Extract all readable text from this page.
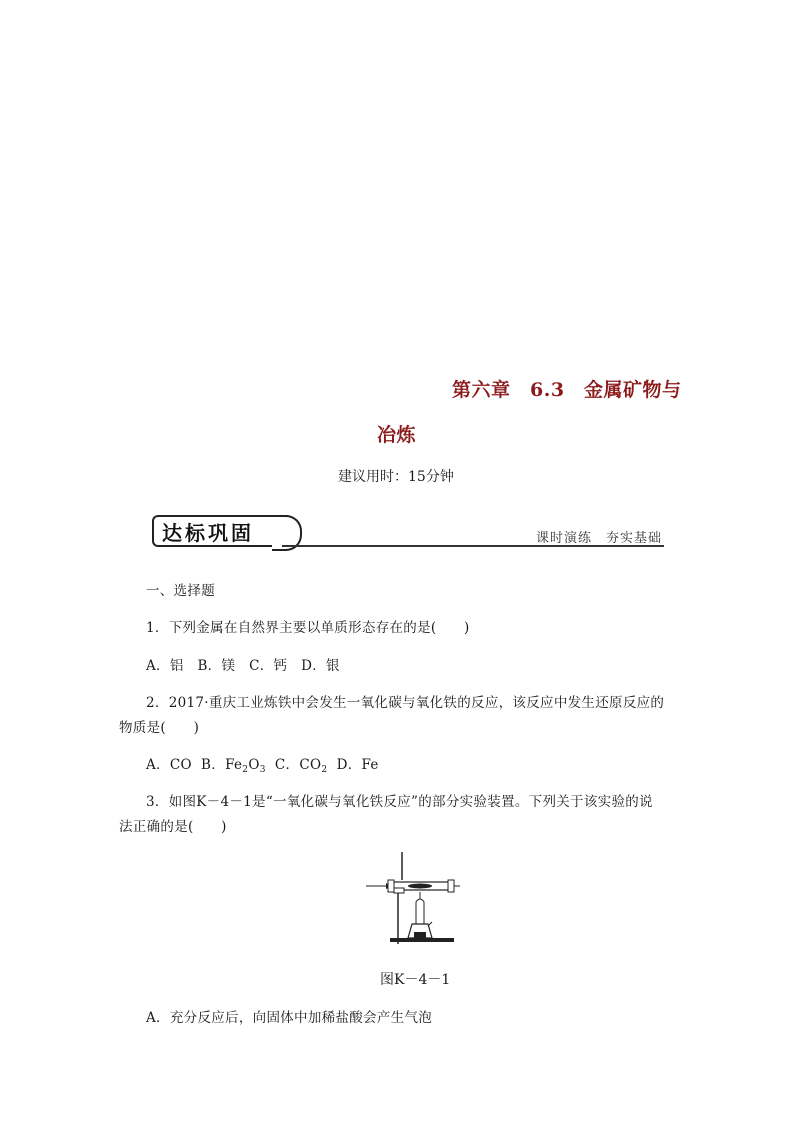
第六章　6.3　金属矿物与
冶炼
建议用时：15分钟
达标巩固	课时演练　夯实基础
一、选择题
1．下列金属在自然界主要以单质形态存在的是(　　)
A．铝　B．镁　C．钙　D．银
2．2017·重庆工业炼铁中会发生一氧化碳与氧化铁的反应，该反应中发生还原反应的
物质是(　　)
A．CO B．$Fe_2O_3$ C．$CO_2$ D．Fe
3．如图K－4－1是“一氧化碳与氧化铁反应”的部分实验装置。下列关于该实验的说
法正确的是(　　)
图K－4－1
A．充分反应后，向固体中加稀盐酸会产生气泡
